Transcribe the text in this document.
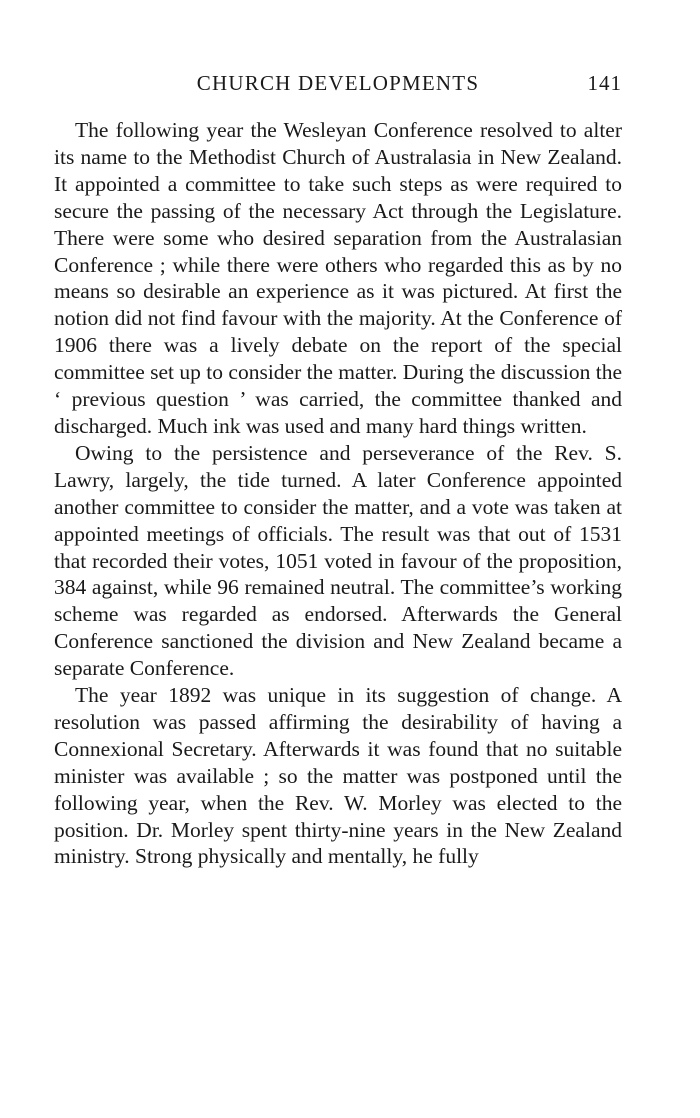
CHURCH DEVELOPMENTS	141

The following year the Wesleyan Conference resolved to alter its name to the Methodist Church of Australasia in New Zealand. It appointed a committee to take such steps as were required to secure the passing of the necessary Act through the Legislature. There were some who desired separation from the Australasian Conference ; while there were others who regarded this as by no means so desirable an experience as it was pictured. At first the notion did not find favour with the majority. At the Conference of 1906 there was a lively debate on the report of the special committee set up to consider the matter. During the discussion the ‘ previous question ’ was carried, the committee thanked and discharged. Much ink was used and many hard things written.

Owing to the persistence and perseverance of the Rev. S. Lawry, largely, the tide turned. A later Conference appointed another committee to consider the matter, and a vote was taken at appointed meetings of officials. The result was that out of 1531 that recorded their votes, 1051 voted in favour of the proposition, 384 against, while 96 remained neutral. The committee’s working scheme was regarded as endorsed. Afterwards the General Conference sanctioned the division and New Zealand became a separate Conference.

The year 1892 was unique in its suggestion of change. A resolution was passed affirming the desirability of having a Connexional Secretary. Afterwards it was found that no suitable minister was available ; so the matter was postponed until the following year, when the Rev. W. Morley was elected to the position. Dr. Morley spent thirty-nine years in the New Zealand ministry. Strong physically and mentally, he fully
